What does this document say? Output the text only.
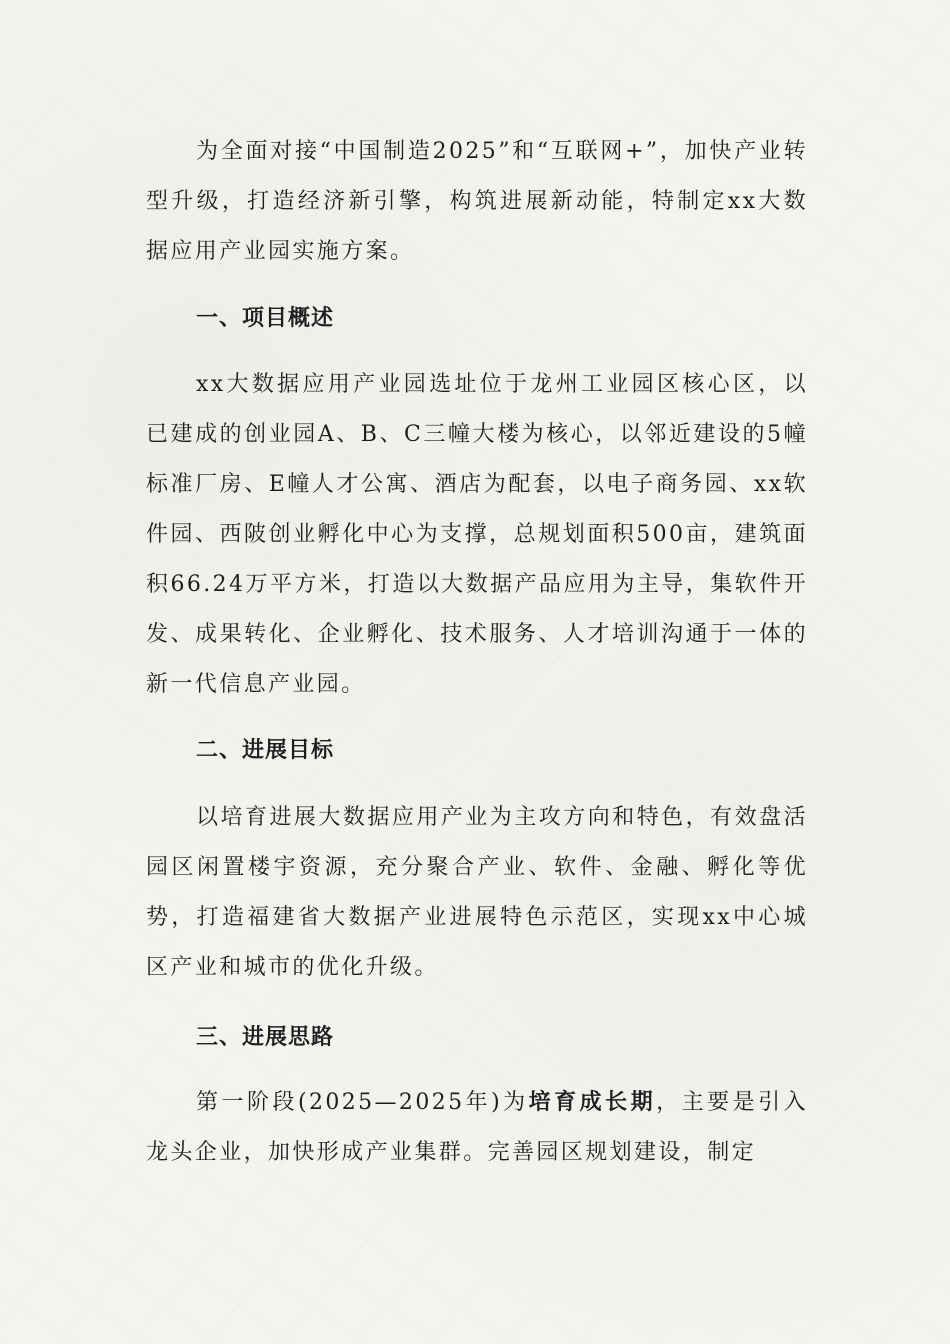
为全面对接“中国制造2025”和“互联网+”，加快产业转型升级，打造经济新引擎，构筑进展新动能，特制定xx大数据应用产业园实施方案。

一、项目概述

xx大数据应用产业园选址位于龙州工业园区核心区，以已建成的创业园A、B、C三幢大楼为核心，以邻近建设的5幢标准厂房、E幢人才公寓、酒店为配套，以电子商务园、xx软件园、西陂创业孵化中心为支撑，总规划面积500亩，建筑面积66.24万平方米，打造以大数据产品应用为主导，集软件开发、成果转化、企业孵化、技术服务、人才培训沟通于一体的新一代信息产业园。

二、进展目标

以培育进展大数据应用产业为主攻方向和特色，有效盘活园区闲置楼宇资源，充分聚合产业、软件、金融、孵化等优势，打造福建省大数据产业进展特色示范区，实现xx中心城区产业和城市的优化升级。

三、进展思路

第一阶段(2025—2025年)为培育成长期，主要是引入龙头企业，加快形成产业集群。完善园区规划建设，制定
